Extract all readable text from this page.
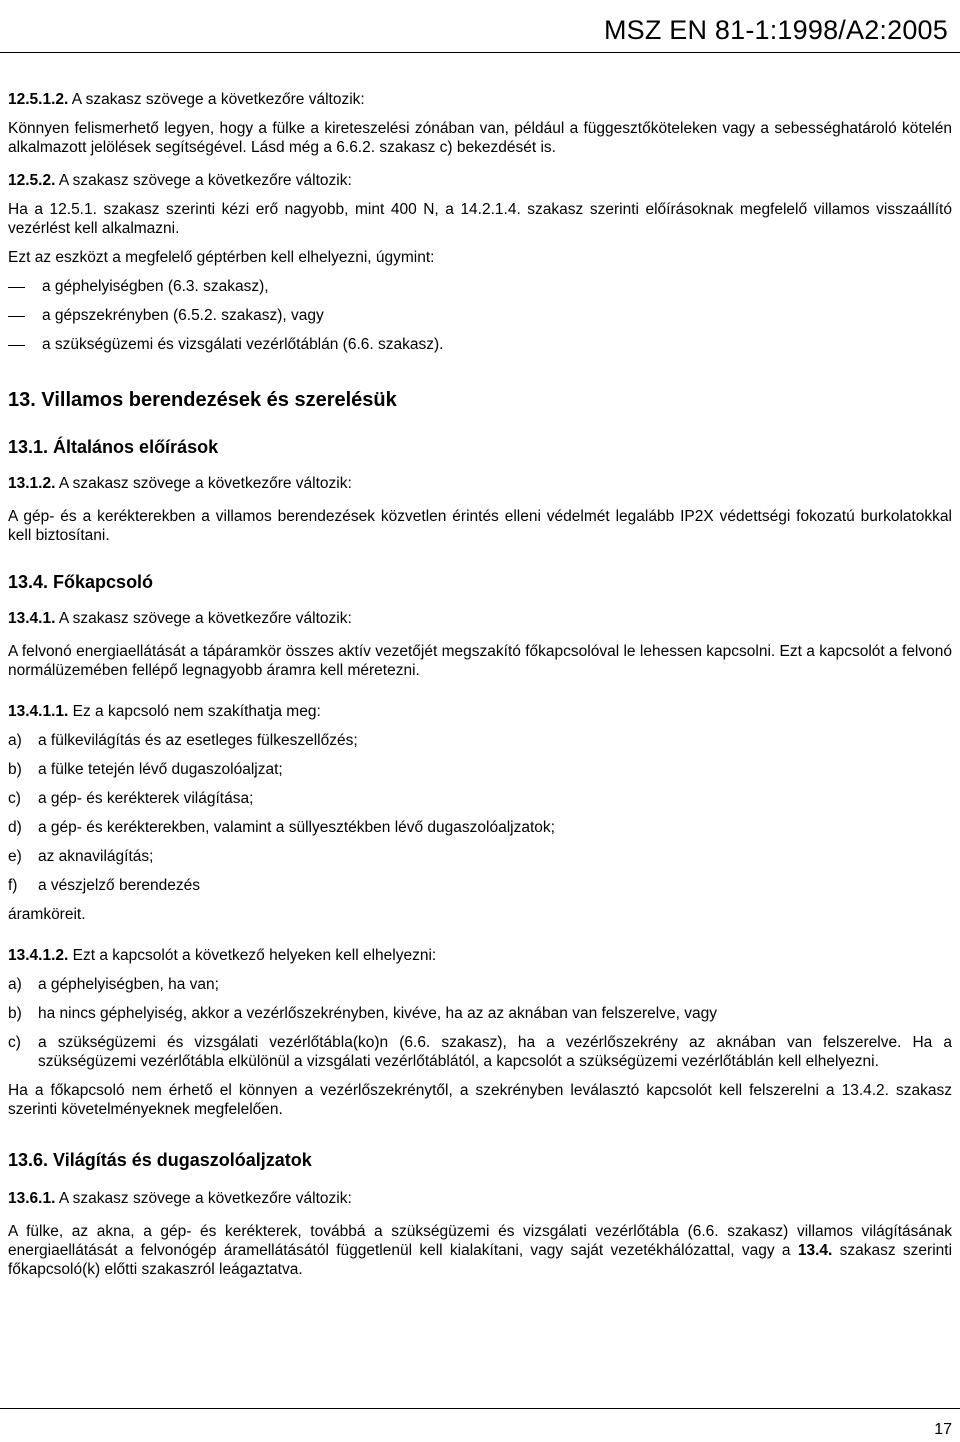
MSZ EN 81-1:1998/A2:2005

12.5.1.2. A szakasz szövege a következőre változik:

Könnyen felismerhető legyen, hogy a fülke a kireteszelési zónában van, például a függesztőköteleken vagy a sebességhatároló kötelén alkalmazott jelölések segítségével. Lásd még a 6.6.2. szakasz c) bekezdését is.

12.5.2. A szakasz szövege a következőre változik:

Ha a 12.5.1. szakasz szerinti kézi erő nagyobb, mint 400 N, a 14.2.1.4. szakasz szerinti előírásoknak megfelelő villamos visszaállító vezérlést kell alkalmazni.

Ezt az eszközt a megfelelő géptérben kell elhelyezni, úgymint:

a géphelyiségben (6.3. szakasz),
a gépszekrényben (6.5.2. szakasz), vagy
a szükségüzemi és vizsgálati vezérlőtáblán (6.6. szakasz).

13. Villamos berendezések és szerelésük

13.1. Általános előírások

13.1.2. A szakasz szövege a következőre változik:

A gép- és a kerékterekben a villamos berendezések közvetlen érintés elleni védelmét legalább IP2X védettségi fokozatú burkolatokkal kell biztosítani.

13.4. Főkapcsoló

13.4.1. A szakasz szövege a következőre változik:

A felvonó energiaellátását a tápáramkör összes aktív vezetőjét megszakító főkapcsolóval le lehessen kapcsolni. Ezt a kapcsolót a felvonó normálüzemében fellépő legnagyobb áramra kell méretezni.

13.4.1.1. Ez a kapcsoló nem szakíthatja meg:

a) a fülkevilágítás és az esetleges fülkeszellőzés;
b) a fülke tetején lévő dugaszolóaljzat;
c) a gép- és kerékterek világítása;
d) a gép- és kerékterekben, valamint a süllyesztékben lévő dugaszolóaljzatok;
e) az aknavilágítás;
f) a vészjelző berendezés

áramköreit.

13.4.1.2. Ezt a kapcsolót a következő helyeken kell elhelyezni:

a) a géphelyiségben, ha van;
b) ha nincs géphelyiség, akkor a vezérlőszekrényben, kivéve, ha az az aknában van felszerelve, vagy
c) a szükségüzemi és vizsgálati vezérlőtábla(ko)n (6.6. szakasz), ha a vezérlőszekrény az aknában van felszerelve. Ha a szükségüzemi vezérlőtábla elkülönül a vizsgálati vezérlőtáblától, a kapcsolót a szükségüzemi vezérlőtáblán kell elhelyezni.

Ha a főkapcsoló nem érhető el könnyen a vezérlőszekrénytől, a szekrényben leválasztó kapcsolót kell felszerelni a 13.4.2. szakasz szerinti követelményeknek megfelelően.

13.6. Világítás és dugaszolóaljzatok

13.6.1. A szakasz szövege a következőre változik:

A fülke, az akna, a gép- és kerékterek, továbbá a szükségüzemi és vizsgálati vezérlőtábla (6.6. szakasz) villamos világításának energiaellátását a felvonógép áramellátásától függetlenül kell kialakítani, vagy saját vezetékhálózattal, vagy a 13.4. szakasz szerinti főkapcsoló(k) előtti szakaszról leágaztatva.

17
